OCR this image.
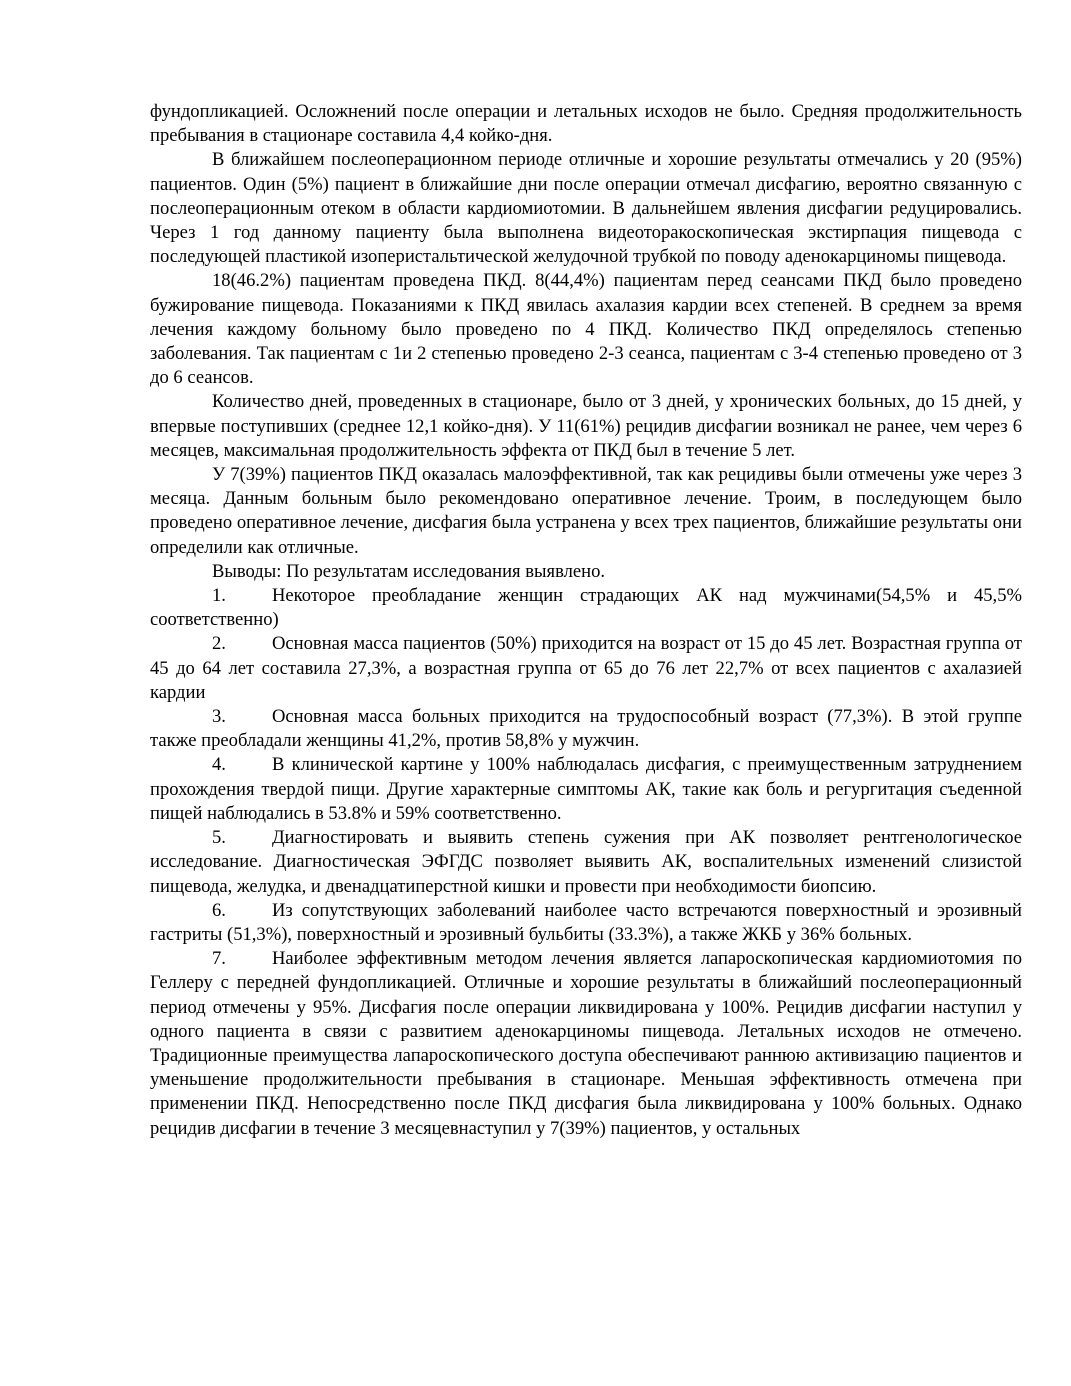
фундопликацией. Осложнений после операции и летальных исходов не было. Средняя продолжительность пребывания в стационаре составила 4,4 койко-дня.

В ближайшем послеоперационном периоде отличные и хорошие результаты отмечались у 20 (95%) пациентов. Один (5%) пациент в ближайшие дни после операции отмечал дисфагию, вероятно связанную с послеоперационным отеком в области кардиомиотомии. В дальнейшем явления дисфагии редуцировались. Через 1 год данному пациенту была выполнена видеоторакоскопическая экстирпация пищевода с последующей пластикой изоперистальтической желудочной трубкой по поводу аденокарциномы пищевода.

18(46.2%) пациентам проведена ПКД. 8(44,4%) пациентам перед сеансами ПКД было проведено бужирование пищевода. Показаниями к ПКД явилась ахалазия кардии всех степеней. В среднем за время лечения каждому больному было проведено по 4 ПКД. Количество ПКД определялось степенью заболевания. Так пациентам с 1и 2 степенью проведено 2-3 сеанса, пациентам с 3-4 степенью проведено от 3 до 6 сеансов.

Количество дней, проведенных в стационаре, было от 3 дней, у хронических больных, до 15 дней, у впервые поступивших (среднее 12,1 койко-дня). У 11(61%) рецидив дисфагии возникал не ранее, чем через 6 месяцев, максимальная продолжительность эффекта от ПКД был в течение 5 лет.

У 7(39%) пациентов ПКД оказалась малоэффективной, так как рецидивы были отмечены уже через 3 месяца. Данным больным было рекомендовано оперативное лечение. Троим, в последующем было проведено оперативное лечение, дисфагия была устранена у всех трех пациентов, ближайшие результаты они определили как отличные.

Выводы: По результатам исследования выявлено.

1. Некоторое преобладание женщин страдающих АК над мужчинами(54,5% и 45,5% соответственно)

2. Основная масса пациентов (50%) приходится на возраст от 15 до 45 лет. Возрастная группа от 45 до 64 лет составила 27,3%, а возрастная группа от 65 до 76 лет 22,7% от всех пациентов с ахалазией кардии

3. Основная масса больных приходится на трудоспособный возраст (77,3%). В этой группе также преобладали женщины 41,2%, против 58,8% у мужчин.

4. В клинической картине у 100% наблюдалась дисфагия, с преимущественным затруднением прохождения твердой пищи. Другие характерные симптомы АК, такие как боль и регургитация съеденной пищей наблюдались в 53.8% и 59% соответственно.

5. Диагностировать и выявить степень сужения при АК позволяет рентгенологическое исследование. Диагностическая ЭФГДС позволяет выявить АК, воспалительных изменений слизистой пищевода, желудка, и двенадцатиперстной кишки и провести при необходимости биопсию.

6. Из сопутствующих заболеваний наиболее часто встречаются поверхностный и эрозивный гастриты (51,3%), поверхностный и эрозивный бульбиты (33.3%), а также ЖКБ у 36% больных.

7. Наиболее эффективным методом лечения является лапароскопическая кардиомиотомия по Геллеру с передней фундопликацией. Отличные и хорошие результаты в ближайший послеоперационный период отмечены у 95%. Дисфагия после операции ликвидирована у 100%. Рецидив дисфагии наступил у одного пациента в связи с развитием аденокарциномы пищевода. Летальных исходов не отмечено. Традиционные преимущества лапароскопического доступа обеспечивают раннюю активизацию пациентов и уменьшение продолжительности пребывания в стационаре. Меньшая эффективность отмечена при применении ПКД. Непосредственно после ПКД дисфагия была ликвидирована у 100% больных. Однако рецидив дисфагии в течение 3 месяцевнаступил у 7(39%) пациентов, у остальных
